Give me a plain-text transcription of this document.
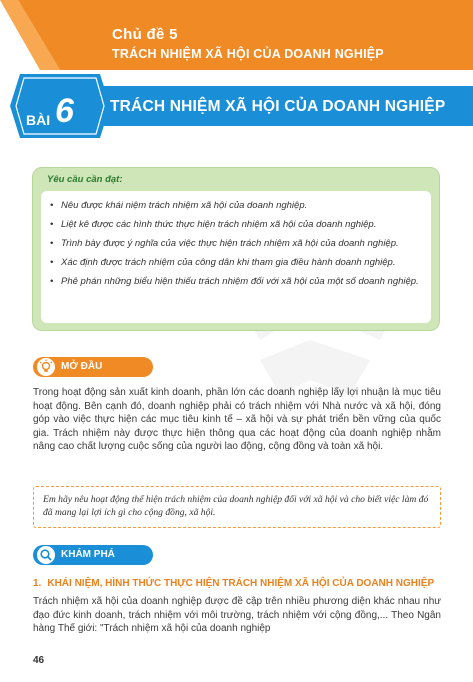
Chủ đề 5
TRÁCH NHIỆM XÃ HỘI CỦA DOANH NGHIỆP
BÀI 6 TRÁCH NHIỆM XÃ HỘI CỦA DOANH NGHIỆP
Yêu cầu cần đạt:
• Nêu được khái niệm trách nhiệm xã hội của doanh nghiệp.
• Liệt kê được các hình thức thực hiện trách nhiệm xã hội của doanh nghiệp.
• Trình bày được ý nghĩa của việc thực hiện trách nhiệm xã hội của doanh nghiệp.
• Xác định được trách nhiệm của công dân khi tham gia điều hành doanh nghiệp.
• Phê phán những biểu hiện thiếu trách nhiệm đối với xã hội của một số doanh nghiệp.
MỞ ĐẦU

Trong hoạt động sản xuất kinh doanh, phần lớn các doanh nghiệp lấy lợi nhuận là mục tiêu hoạt động. Bên cạnh đó, doanh nghiệp phải có trách nhiệm với Nhà nước và xã hội, đóng góp vào việc thực hiện các mục tiêu kinh tế – xã hội và sự phát triển bền vững của quốc gia. Trách nhiệm này được thực hiện thông qua các hoạt động của doanh nghiệp nhằm nâng cao chất lượng cuộc sống của người lao động, cộng đồng và toàn xã hội.

Em hãy nêu hoạt động thể hiện trách nhiệm của doanh nghiệp đối với xã hội và cho biết việc làm đó đã mang lại lợi ích gì cho cộng đồng, xã hội.

KHÁM PHÁ
1. KHÁI NIỆM, HÌNH THỨC THỰC HIỆN TRÁCH NHIỆM XÃ HỘI CỦA DOANH NGHIỆP

Trách nhiệm xã hội của doanh nghiệp được đề cập trên nhiều phương diện khác nhau như đạo đức kinh doanh, trách nhiệm với môi trường, trách nhiệm với cộng đồng,... Theo Ngân hàng Thế giới: "Trách nhiệm xã hội của doanh nghiệp

46
